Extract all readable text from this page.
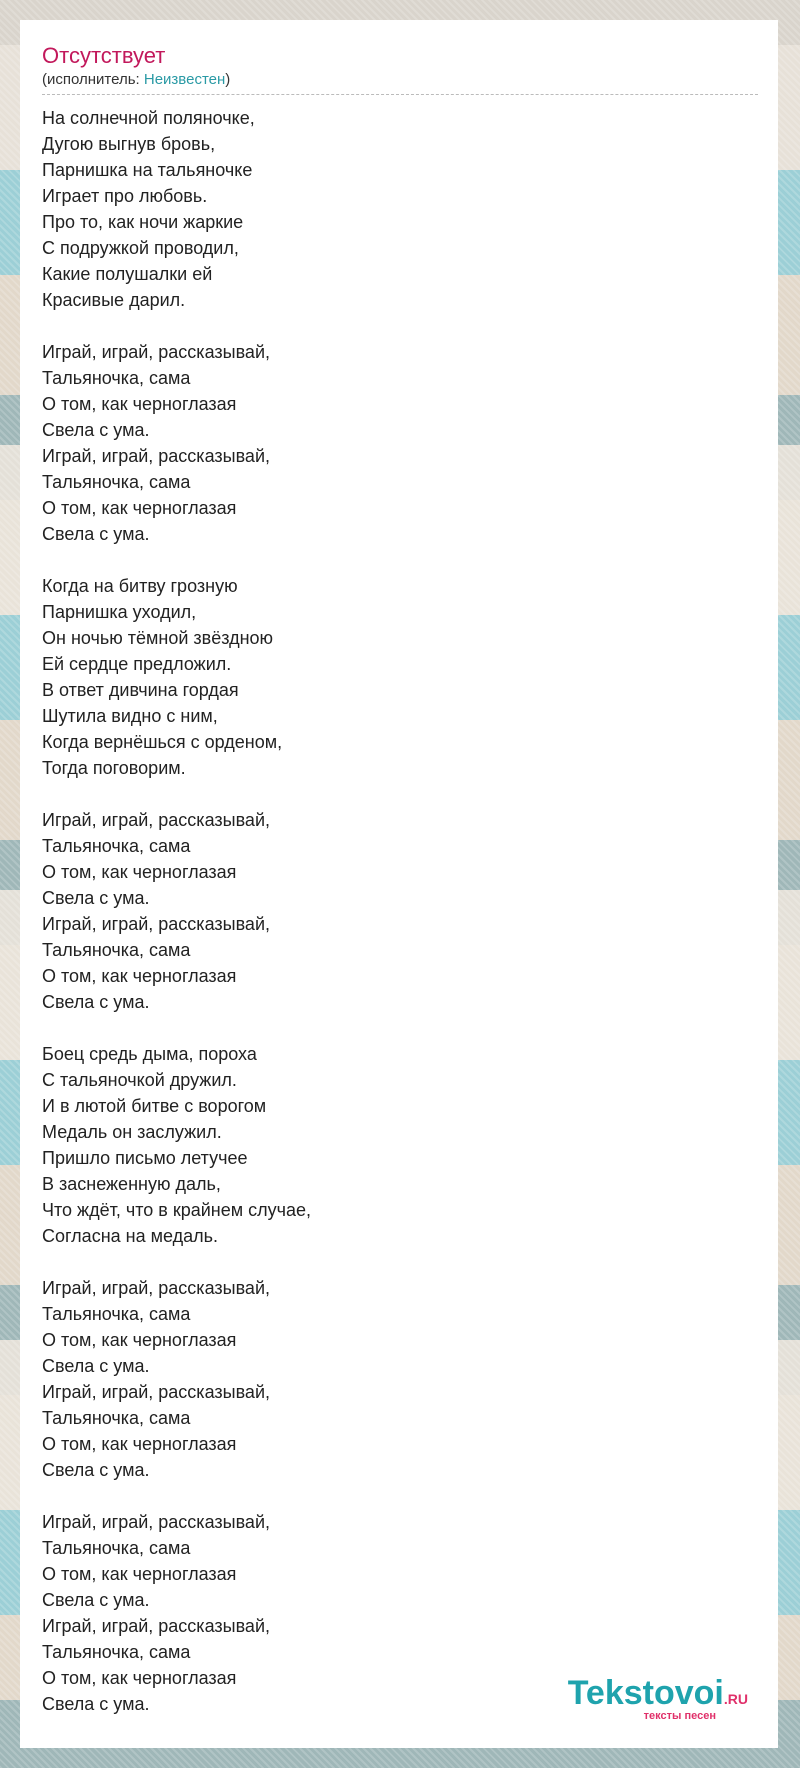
Отсутствует
(исполнитель: Неизвестен)
На солнечной поляночке,
Дугою выгнув бровь,
Парнишка на тальяночке
Играет про любовь.
Про то, как ночи жаркие
С подружкой проводил,
Какие полушалки ей
Красивые дарил.
Играй, играй, рассказывай,
Тальяночка, сама
О том, как черноглазая
Свела с ума.
Играй, играй, рассказывай,
Тальяночка, сама
О том, как черноглазая
Свела с ума.
Когда на битву грозную
Парнишка уходил,
Он ночью тёмной звёздною
Ей сердце предложил.
В ответ дивчина гордая
Шутила видно с ним,
Когда вернёшься с орденом,
Тогда поговорим.
Играй, играй, рассказывай,
Тальяночка, сама
О том, как черноглазая
Свела с ума.
Играй, играй, рассказывай,
Тальяночка, сама
О том, как черноглазая
Свела с ума.
Боец средь дыма, пороха
С тальяночкой дружил.
И в лютой битве с ворогом
Медаль он заслужил.
Пришло письмо летучее
В заснеженную даль,
Что ждёт, что в крайнем случае,
Согласна на медаль.
Играй, играй, рассказывай,
Тальяночка, сама
О том, как черноглазая
Свела с ума.
Играй, играй, рассказывай,
Тальяночка, сама
О том, как черноглазая
Свела с ума.
Играй, играй, рассказывай,
Тальяночка, сама
О том, как черноглазая
Свела с ума.
Играй, играй, рассказывай,
Тальяночка, сама
О том, как черноглазая
Свела с ума.	Tekstovoi.RU
тексты песен
